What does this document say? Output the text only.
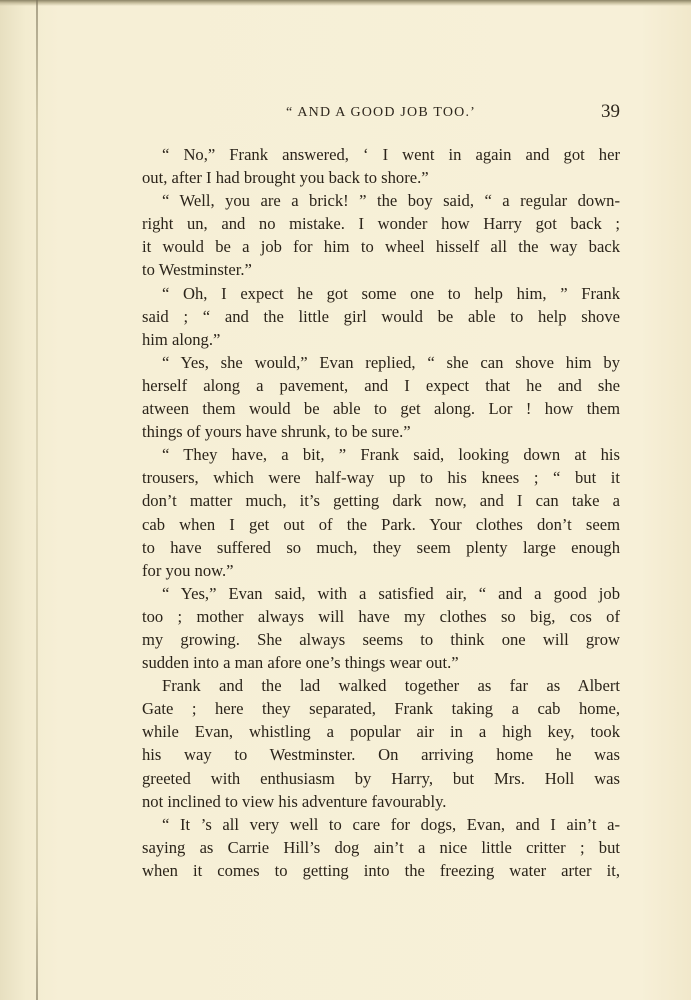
“ AND A GOOD JOB TOO.’	39
“ No,” Frank answered, ‘ I went in again and got her
out, after I had brought you back to shore.”
“ Well, you are a brick! ” the boy said, “ a regular down-
right un, and no mistake. I wonder how Harry got back ;
it would be a job for him to wheel hisself all the way back
to Westminster.”
“ Oh, I expect he got some one to help him, ” Frank
said ; “ and the little girl would be able to help shove
him along.”
“ Yes, she would,” Evan replied, “ she can shove him by
herself along a pavement, and I expect that he and she
atween them would be able to get along. Lor ! how them
things of yours have shrunk, to be sure.”
“ They have, a bit, ” Frank said, looking down at his
trousers, which were half-way up to his knees ; “ but it
don’t matter much, it’s getting dark now, and I can take a
cab when I get out of the Park. Your clothes don’t seem
to have suffered so much, they seem plenty large enough
for you now.”
“ Yes,” Evan said, with a satisfied air, “ and a good job
too ; mother always will have my clothes so big, cos of
my growing. She always seems to think one will grow
sudden into a man afore one’s things wear out.”
Frank and the lad walked together as far as Albert
Gate ; here they separated, Frank taking a cab home,
while Evan, whistling a popular air in a high key, took
his way to Westminster. On arriving home he was
greeted with enthusiasm by Harry, but Mrs. Holl was
not inclined to view his adventure favourably.
“ It ’s all very well to care for dogs, Evan, and I ain’t a-
saying as Carrie Hill’s dog ain’t a nice little critter ; but
when it comes to getting into the freezing water arter it,
